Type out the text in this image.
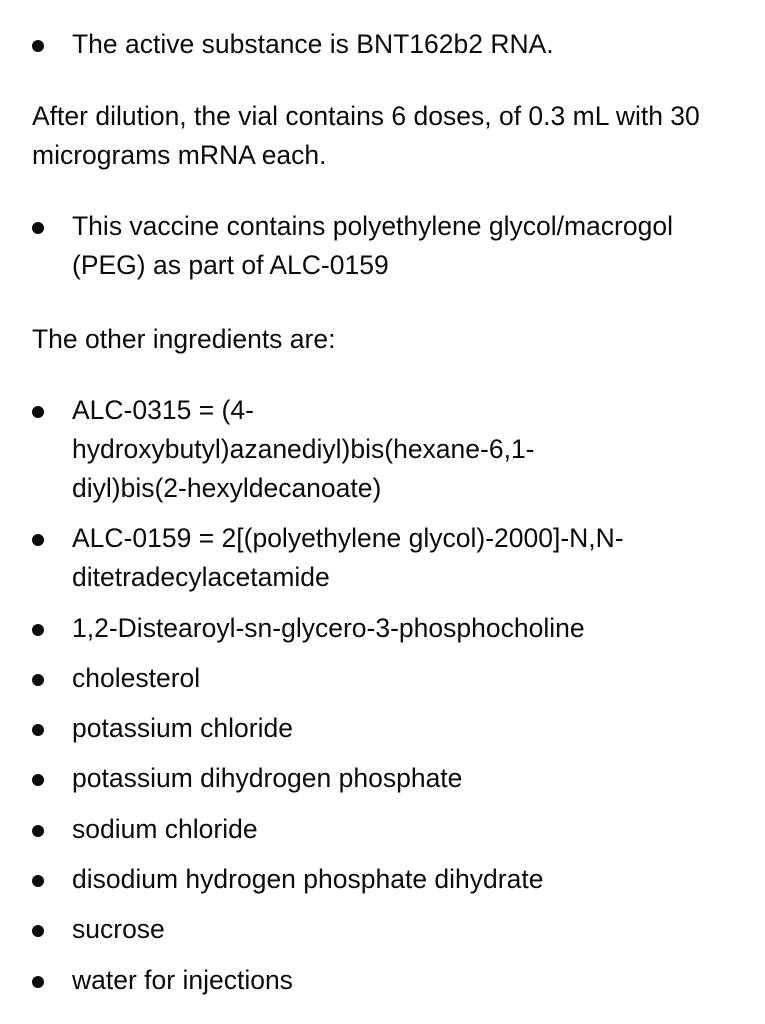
The active substance is BNT162b2 RNA.

After dilution, the vial contains 6 doses, of 0.3 mL with 30 micrograms mRNA each.

This vaccine contains polyethylene glycol/macrogol (PEG) as part of ALC-0159

The other ingredients are:

ALC-0315 = (4-hydroxybutyl)azanediyl)bis(hexane-6,1-diyl)bis(2-hexyldecanoate)
ALC-0159 = 2[(polyethylene glycol)-2000]-N,N-ditetradecylacetamide
1,2-Distearoyl-sn-glycero-3-phosphocholine
cholesterol
potassium chloride
potassium dihydrogen phosphate
sodium chloride
disodium hydrogen phosphate dihydrate
sucrose
water for injections
